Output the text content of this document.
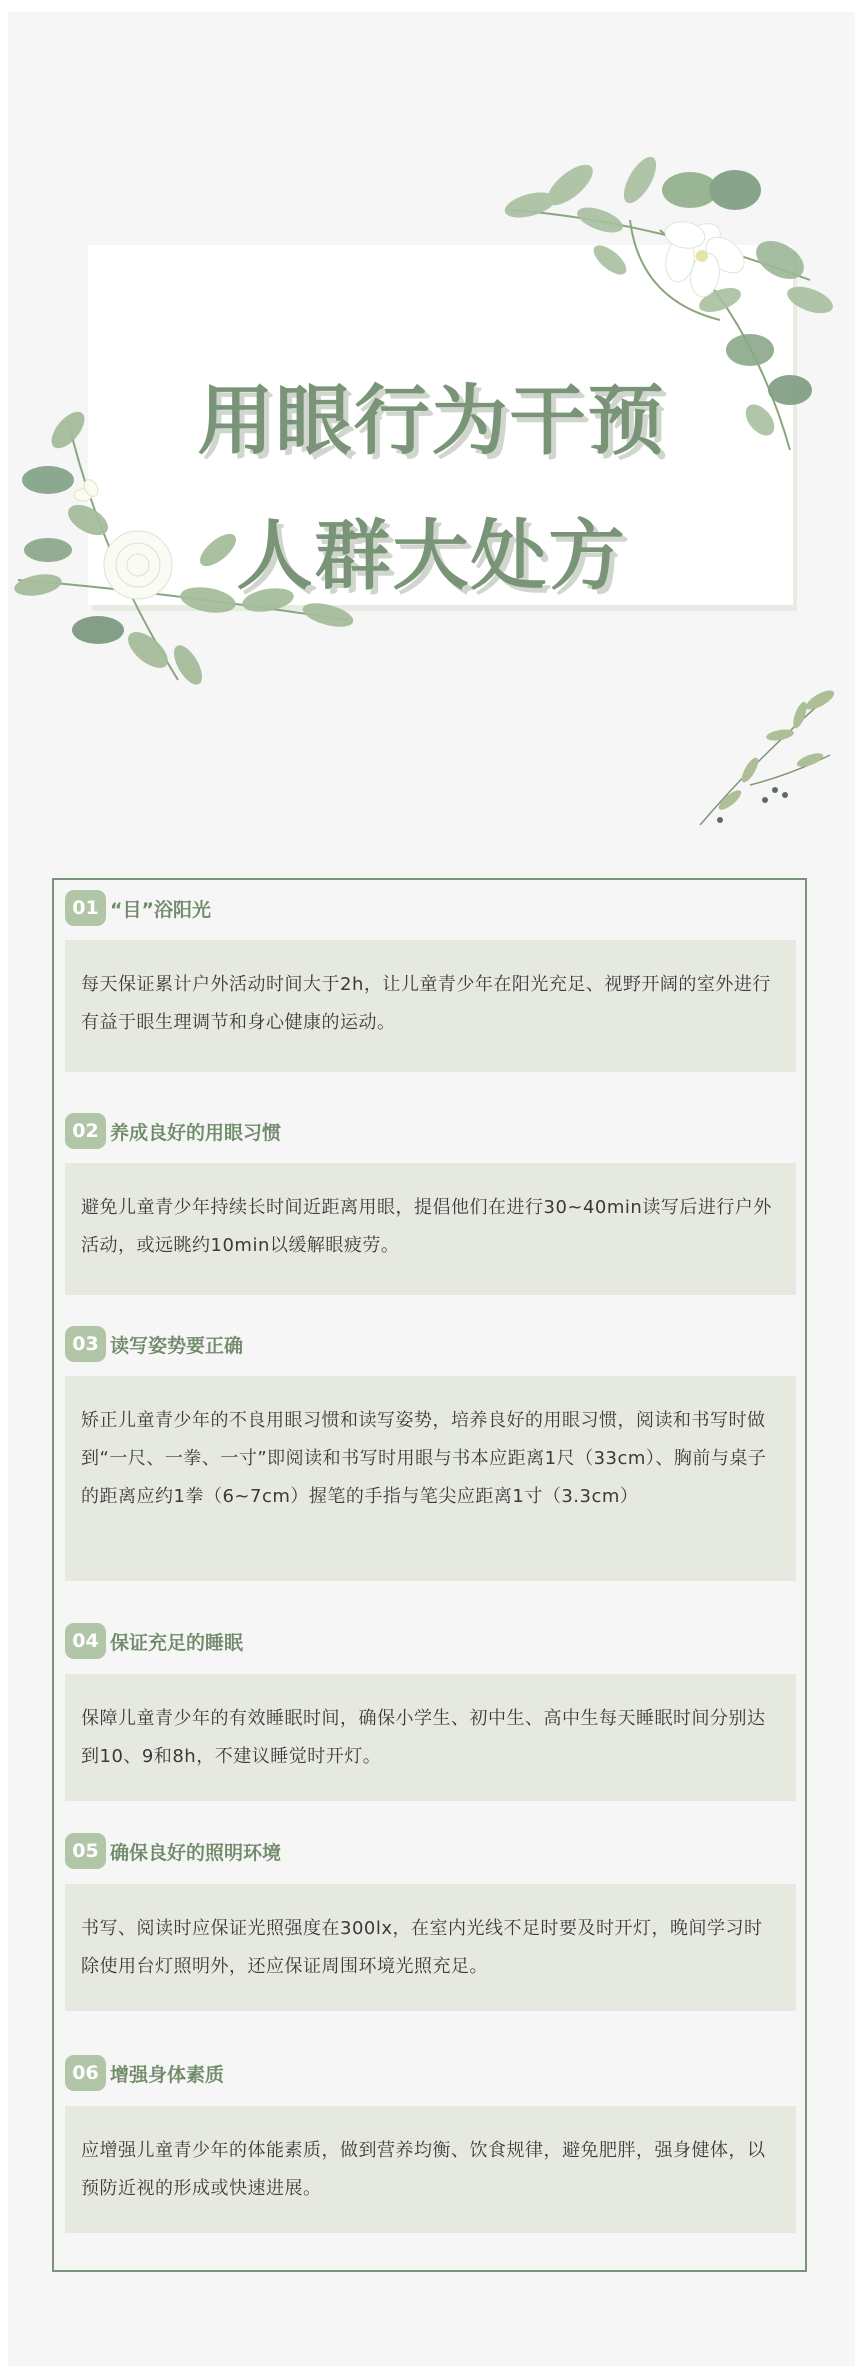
用眼行为干预
人群大处方
01 “目”浴阳光
每天保证累计户外活动时间大于2h，让儿童青少年在阳光充足、视野开阔的室外进行有益于眼生理调节和身心健康的运动。
02 养成良好的用眼习惯
避免儿童青少年持续长时间近距离用眼，提倡他们在进行30~40min读写后进行户外活动，或远眺约10min以缓解眼疲劳。
03 读写姿势要正确
矫正儿童青少年的不良用眼习惯和读写姿势，培养良好的用眼习惯，阅读和书写时做到“一尺、一拳、一寸”即阅读和书写时用眼与书本应距离1尺（33cm）、胸前与桌子的距离应约1拳（6~7cm）握笔的手指与笔尖应距离1寸（3.3cm）
04 保证充足的睡眠
保障儿童青少年的有效睡眠时间，确保小学生、初中生、高中生每天睡眠时间分别达到10、9和8h，不建议睡觉时开灯。
05 确保良好的照明环境
书写、阅读时应保证光照强度在300lx，在室内光线不足时要及时开灯，晚间学习时除使用台灯照明外，还应保证周围环境光照充足。
06 增强身体素质
应增强儿童青少年的体能素质，做到营养均衡、饮食规律，避免肥胖，强身健体，以预防近视的形成或快速进展。
